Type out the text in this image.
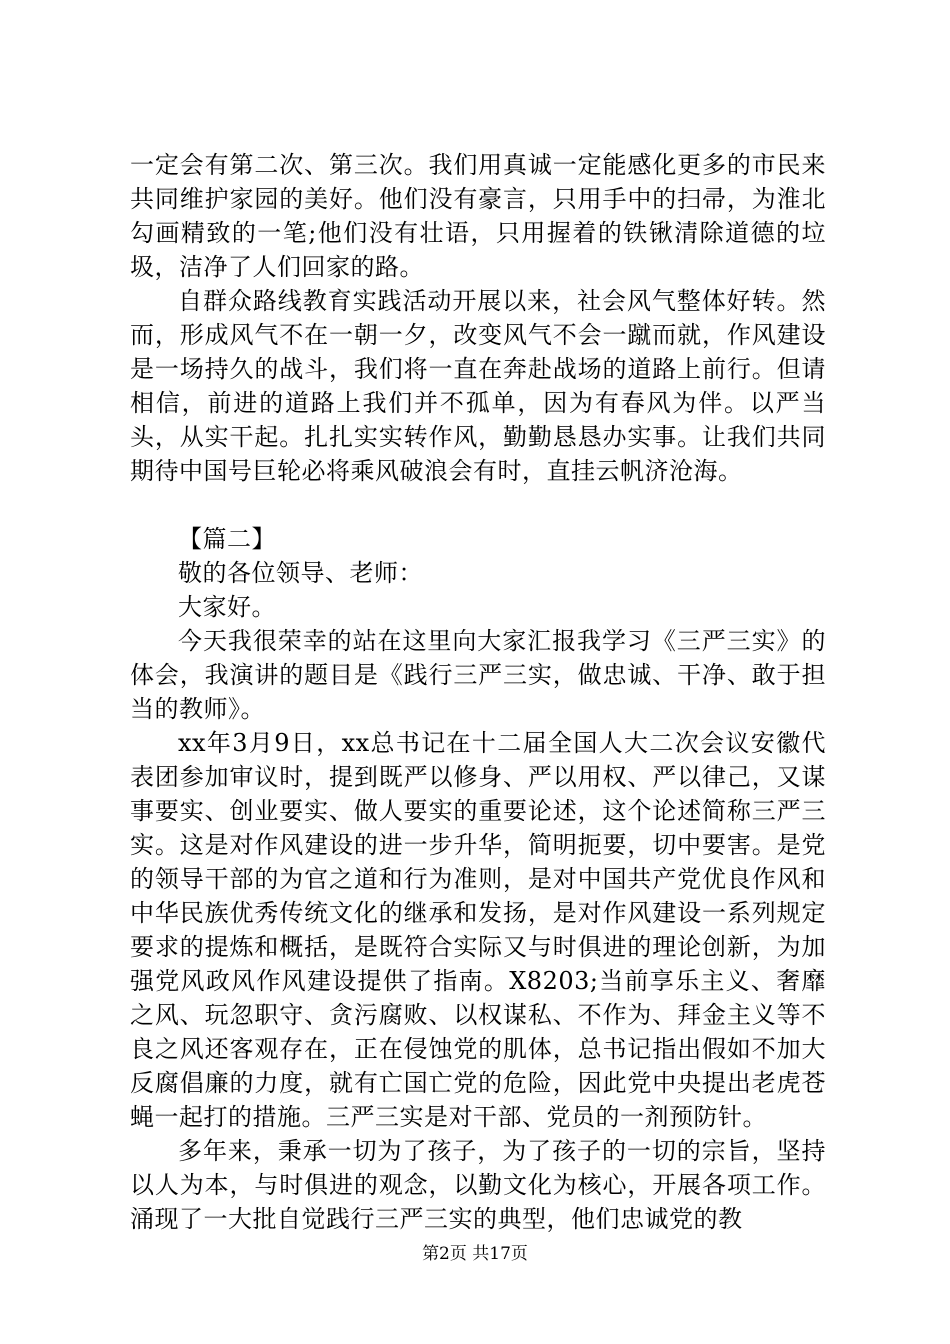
一定会有第二次、第三次。我们用真诚一定能感化更多的市民来共同维护家园的美好。他们没有豪言，只用手中的扫帚，为淮北勾画精致的一笔;他们没有壮语，只用握着的铁锹清除道德的垃圾，洁净了人们回家的路。

自群众路线教育实践活动开展以来，社会风气整体好转。然而，形成风气不在一朝一夕，改变风气不会一蹴而就，作风建设是一场持久的战斗，我们将一直在奔赴战场的道路上前行。但请相信，前进的道路上我们并不孤单，因为有春风为伴。以严当头，从实干起。扎扎实实转作风，勤勤恳恳办实事。让我们共同期待中国号巨轮必将乘风破浪会有时，直挂云帆济沧海。

【篇二】

敬的各位领导、老师：

大家好。

今天我很荣幸的站在这里向大家汇报我学习《三严三实》的体会，我演讲的题目是《践行三严三实，做忠诚、干净、敢于担当的教师》。

xx年3月9日，xx总书记在十二届全国人大二次会议安徽代表团参加审议时，提到既严以修身、严以用权、严以律己，又谋事要实、创业要实、做人要实的重要论述，这个论述简称三严三实。这是对作风建设的进一步升华，简明扼要，切中要害。是党的领导干部的为官之道和行为准则，是对中国共产党优良作风和中华民族优秀传统文化的继承和发扬，是对作风建设一系列规定要求的提炼和概括，是既符合实际又与时俱进的理论创新，为加强党风政风作风建设提供了指南。X8203;当前享乐主义、奢靡之风、玩忽职守、贪污腐败、以权谋私、不作为、拜金主义等不良之风还客观存在，正在侵蚀党的肌体，总书记指出假如不加大反腐倡廉的力度，就有亡国亡党的危险，因此党中央提出老虎苍蝇一起打的措施。三严三实是对干部、党员的一剂预防针。

多年来，秉承一切为了孩子，为了孩子的一切的宗旨，坚持以人为本，与时俱进的观念，以勤文化为核心，开展各项工作。涌现了一大批自觉践行三严三实的典型，他们忠诚党的教

第2页 共17页
